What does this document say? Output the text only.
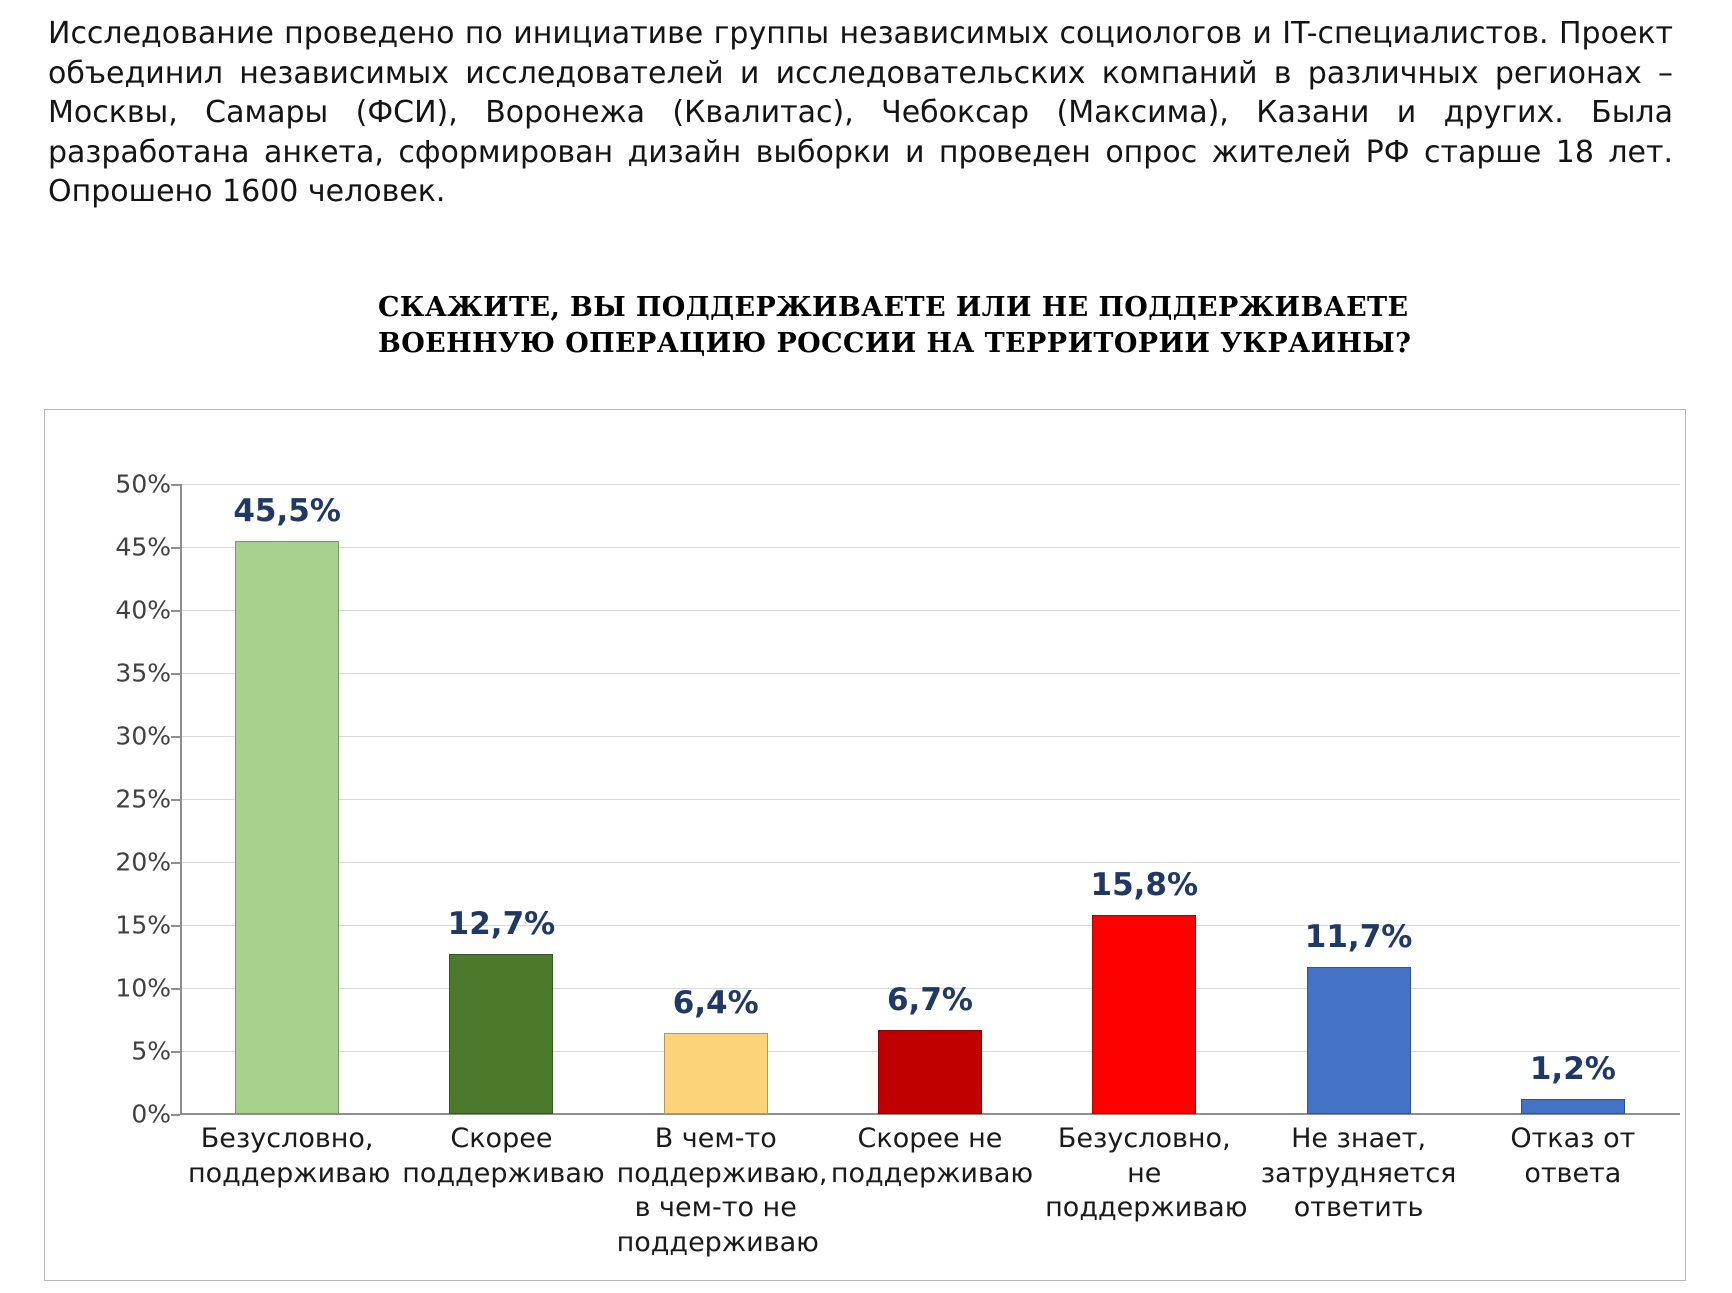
Исследование проведено по инициативе группы независимых социологов и IT-специалистов. Проект объединил независимых исследователей и исследовательских компаний в различных регионах – Москвы, Самары (ФСИ), Воронежа (Квалитас), Чебоксар (Максима), Казани и других. Была разработана анкета, сформирован дизайн выборки и проведен опрос жителей РФ старше 18 лет. Опрошено 1600 человек.
СКАЖИТЕ, ВЫ ПОДДЕРЖИВАЕТЕ ИЛИ НЕ ПОДДЕРЖИВАЕТЕ
ВОЕННУЮ ОПЕРАЦИЮ РОССИИ НА ТЕРРИТОРИИ УКРАИНЫ?
0%
5%
10%
15%
20%
25%
30%
35%
40%
45%
50%
45,5%
12,7%
6,4%	6,7%
15,8%
11,7%
1,2%
Безусловно, поддерживаю
Скорее поддерживаю
В чем-то поддерживаю, в чем-то не поддерживаю
Скорее не поддерживаю
Безусловно, не поддерживаю
Не знает, затрудняется ответить
Отказ от ответа
